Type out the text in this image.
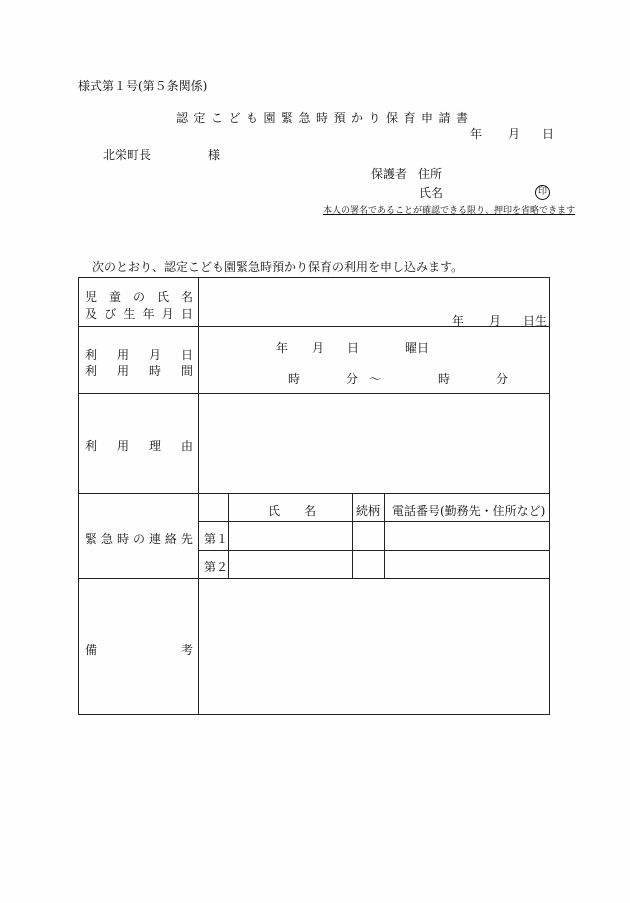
様式第１号(第５条関係)
認定こども園緊急時預かり保育申請書
年 月 日
北栄町長	様
保護者 住所
氏名	印
本人の署名であることが確認できる限り、押印を省略できます
次のとおり、認定こども園緊急時預かり保育の利用を申し込みます。
児 童 の 氏 名
及 び 生 年 月 日	年 月 日生
利 用 月 日
利 用 時 間
年 月 日	曜日
時	分 ～	時	分
利 用 理 由
緊 急 時 の 連 絡 先
氏　　名	続柄 電話番号(勤務先・住所など)
第１
第２
備	考
